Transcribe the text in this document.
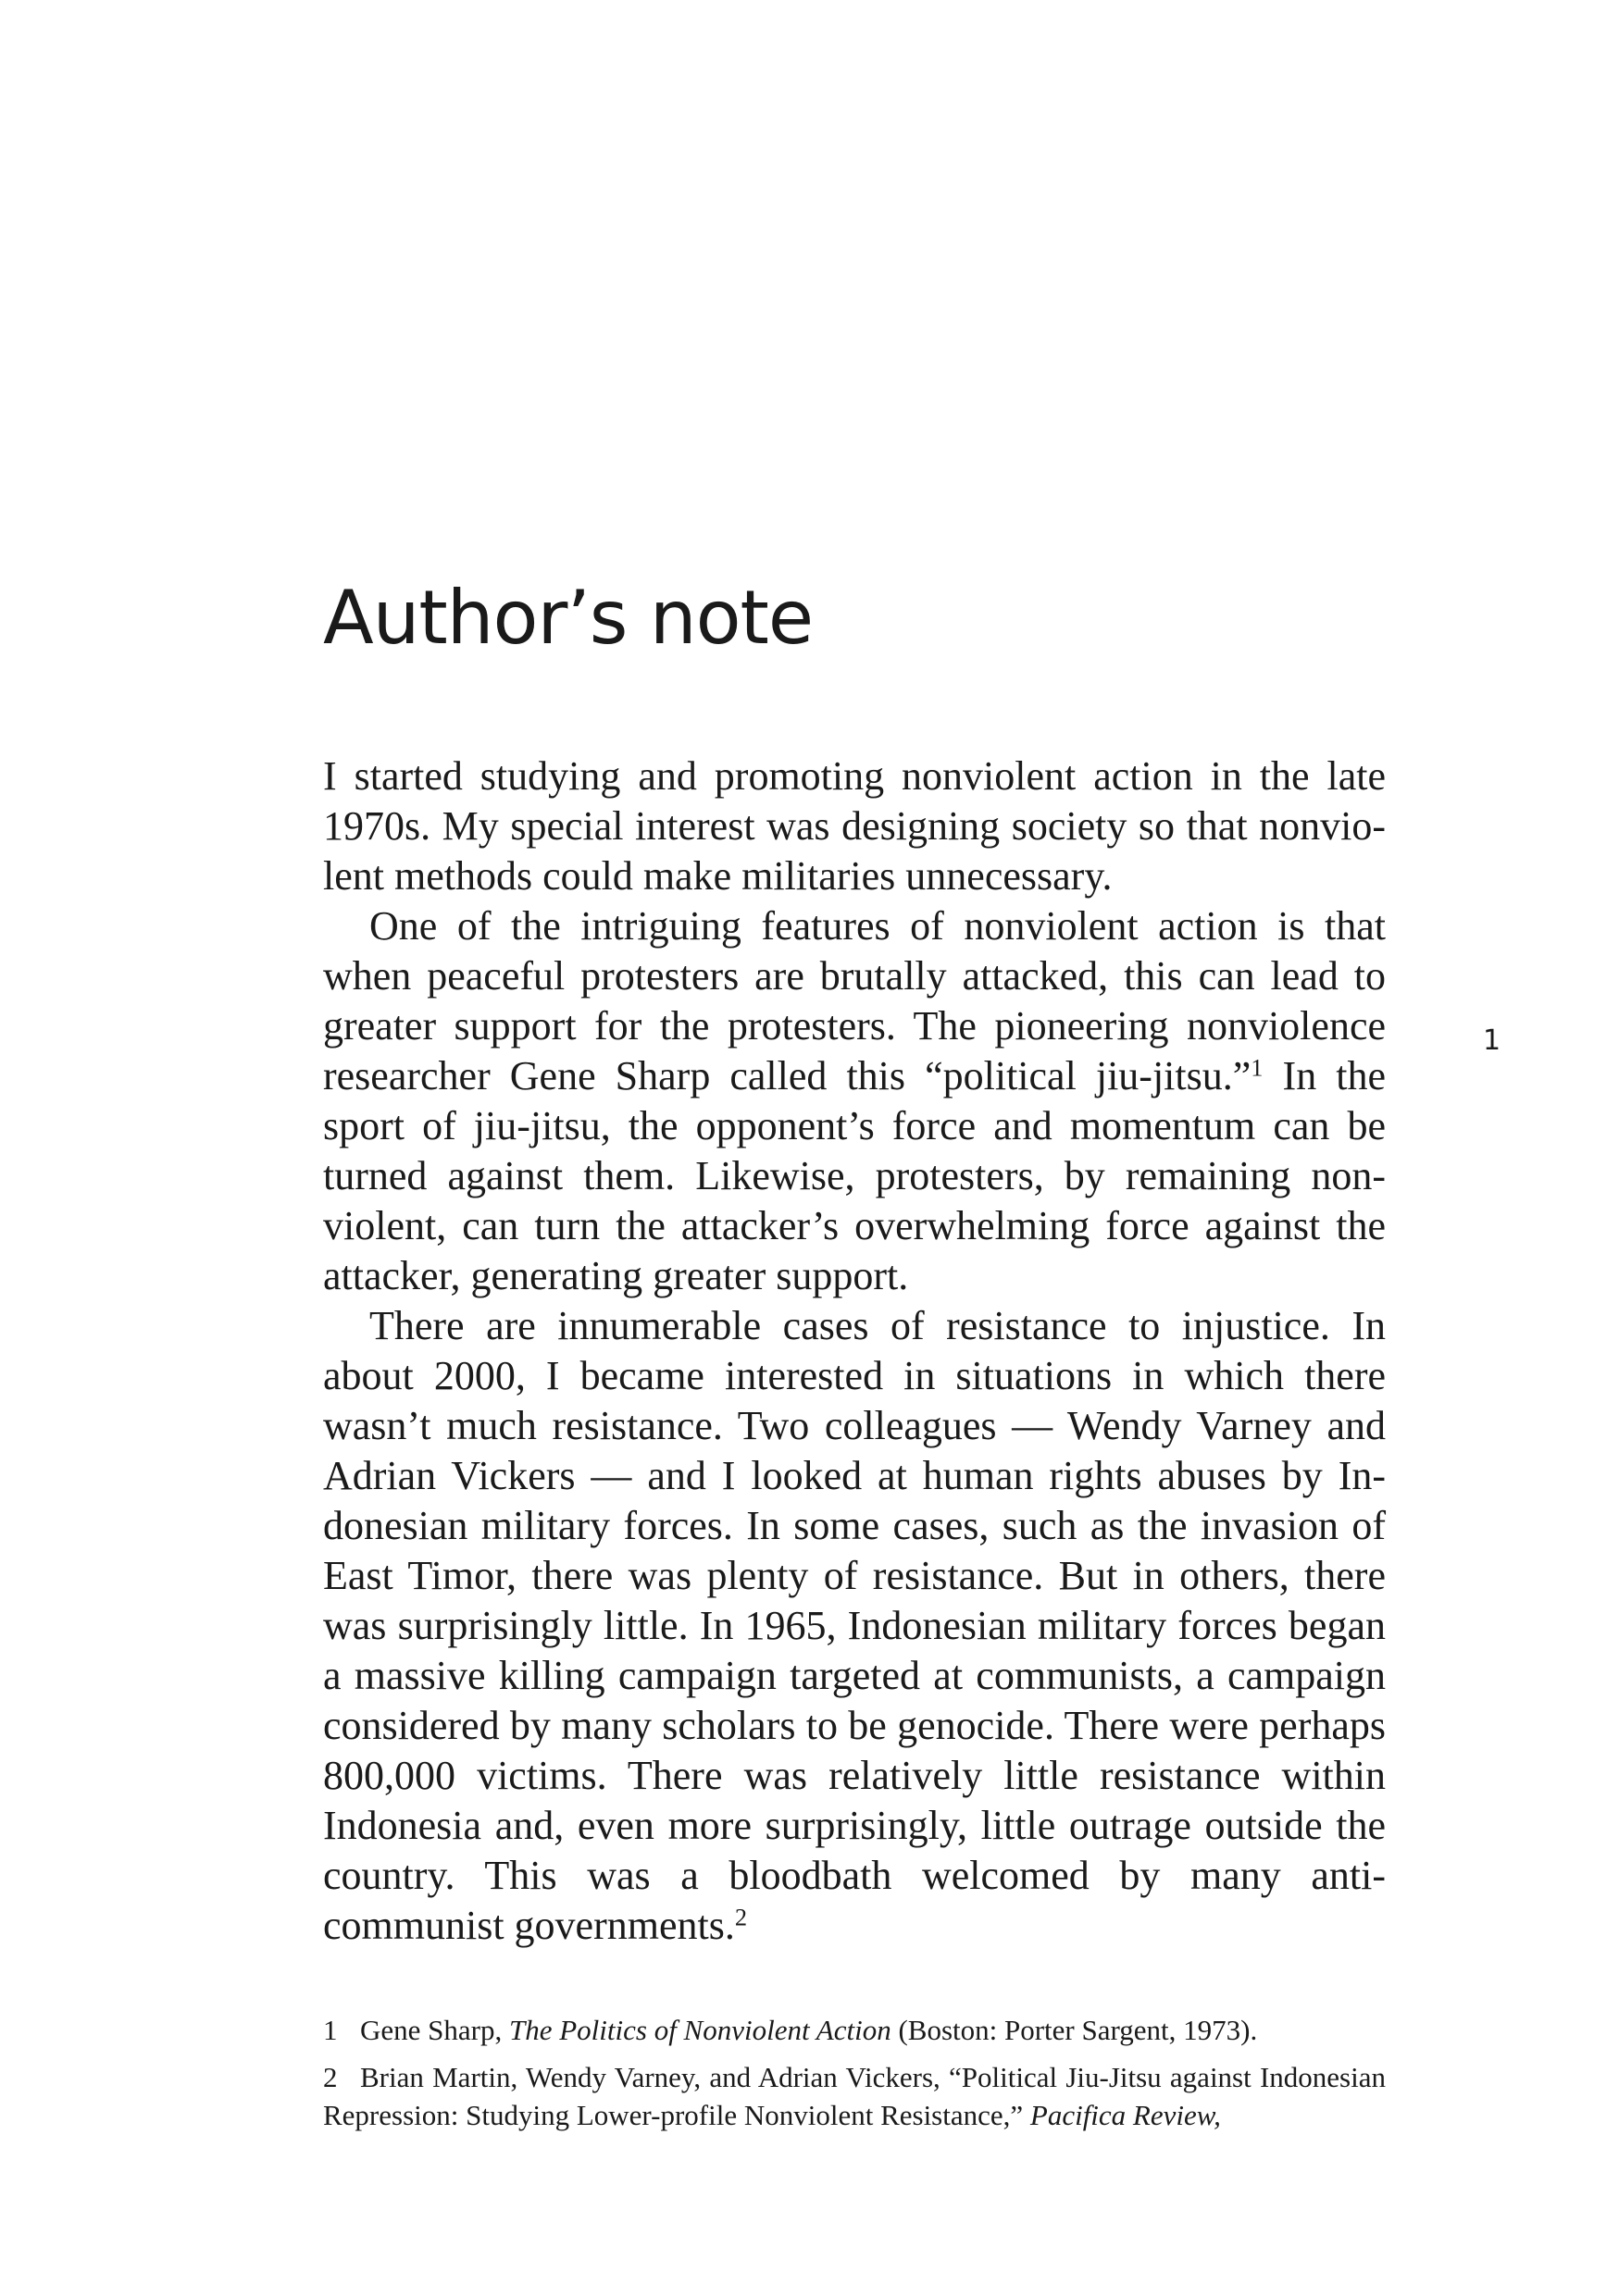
Author’s note
1

I started studying and promoting nonviolent action in the late 1970s. My special interest was designing society so that nonviolent methods could make militaries unnecessary.

One of the intriguing features of nonviolent action is that when peaceful protesters are brutally attacked, this can lead to greater support for the protesters. The pioneering nonviolence researcher Gene Sharp called this “political jiu-jitsu.”$^1$ In the sport of jiu-jitsu, the opponent’s force and momentum can be turned against them. Likewise, protesters, by remaining nonviolent, can turn the attacker’s overwhelming force against the attacker, generating greater support.

There are innumerable cases of resistance to injustice. In about 2000, I became interested in situations in which there wasn’t much resistance. Two colleagues — Wendy Varney and Adrian Vickers — and I looked at human rights abuses by Indonesian military forces. In some cases, such as the invasion of East Timor, there was plenty of resistance. But in others, there was surprisingly little. In 1965, Indonesian military forces began a massive killing campaign targeted at communists, a campaign considered by many scholars to be genocide. There were perhaps 800,000 victims. There was relatively little resistance within Indonesia and, even more surprisingly, little outrage outside the country. This was a bloodbath welcomed by many anti-communist governments.$^2$

1 Gene Sharp, The Politics of Nonviolent Action (Boston: Porter Sargent, 1973).

2 Brian Martin, Wendy Varney, and Adrian Vickers, “Political Jiu-Jitsu against Indonesian Repression: Studying Lower-profile Nonviolent Resistance,” Pacifica Review,
